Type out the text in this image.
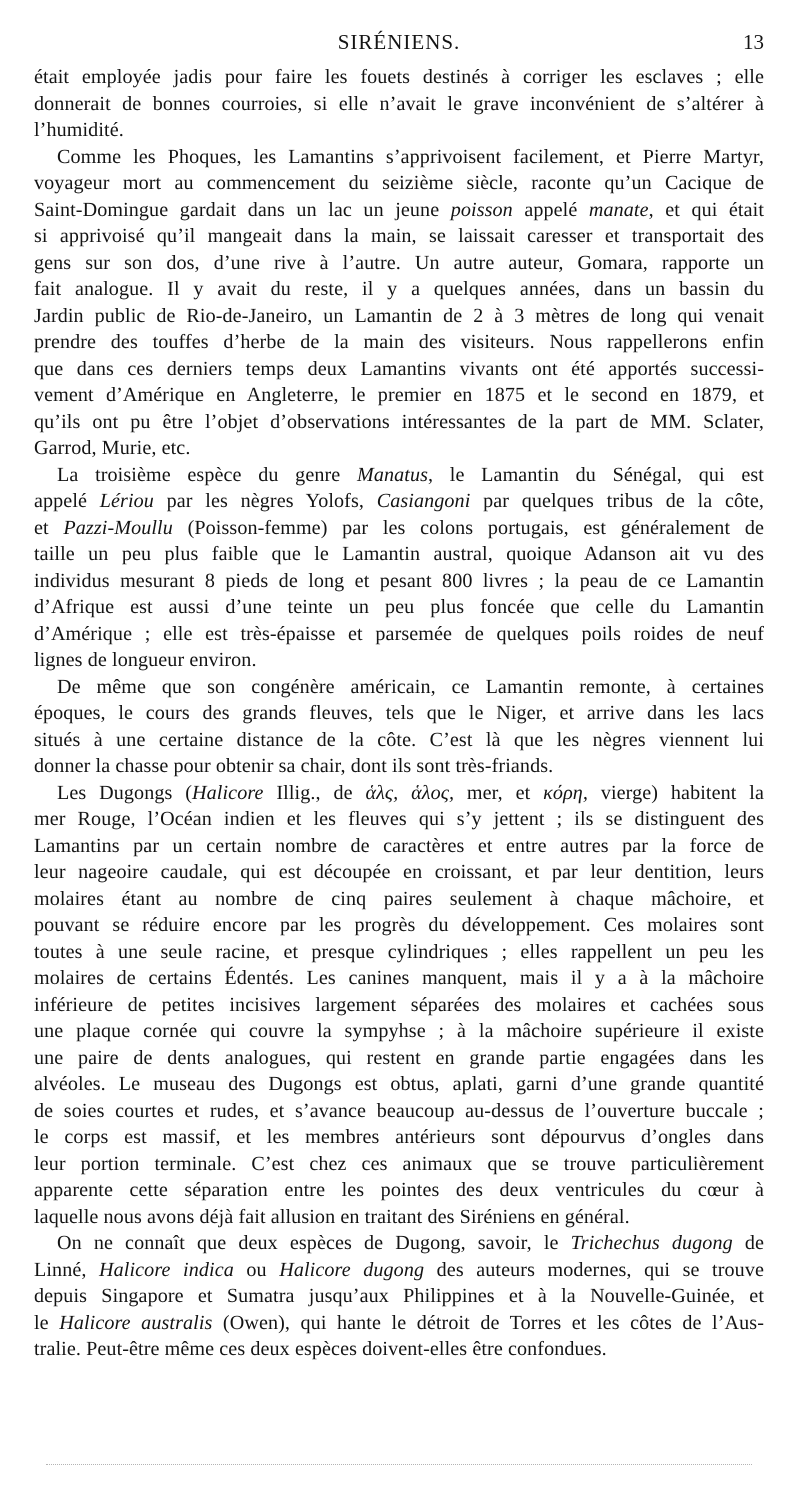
SIRÉNIENS.	13
était employée jadis pour faire les fouets destinés à corriger les esclaves ; elle
donnerait de bonnes courroies, si elle n’avait le grave inconvénient de s’altérer à
l’humidité.
Comme les Phoques, les Lamantins s’apprivoisent facilement, et Pierre Martyr,
voyageur mort au commencement du seizième siècle, raconte qu’un Cacique de
Saint-Domingue gardait dans un lac un jeune poisson appelé manate, et qui était
si apprivoisé qu’il mangeait dans la main, se laissait caresser et transportait des
gens sur son dos, d’une rive à l’autre. Un autre auteur, Gomara, rapporte un
fait analogue. Il y avait du reste, il y a quelques années, dans un bassin du
Jardin public de Rio-de-Janeiro, un Lamantin de 2 à 3 mètres de long qui venait
prendre des touffes d’herbe de la main des visiteurs. Nous rappellerons enfin
que dans ces derniers temps deux Lamantins vivants ont été apportés successi-
vement d’Amérique en Angleterre, le premier en 1875 et le second en 1879, et
qu’ils ont pu être l’objet d’observations intéressantes de la part de MM. Sclater,
Garrod, Murie, etc.
La troisième espèce du genre Manatus, le Lamantin du Sénégal, qui est
appelé Lériou par les nègres Yolofs, Casiangoni par quelques tribus de la côte,
et Pazzi-Moullu (Poisson-femme) par les colons portugais, est généralement de
taille un peu plus faible que le Lamantin austral, quoique Adanson ait vu des
individus mesurant 8 pieds de long et pesant 800 livres ; la peau de ce Lamantin
d’Afrique est aussi d’une teinte un peu plus foncée que celle du Lamantin
d’Amérique ; elle est très-épaisse et parsemée de quelques poils roides de neuf
lignes de longueur environ.
De même que son congénère américain, ce Lamantin remonte, à certaines
époques, le cours des grands fleuves, tels que le Niger, et arrive dans les lacs
situés à une certaine distance de la côte. C’est là que les nègres viennent lui
donner la chasse pour obtenir sa chair, dont ils sont très-friands.
Les Dugongs (Halicore Illig., de ἁλς, ἁλος, mer, et κόρη, vierge) habitent la
mer Rouge, l’Océan indien et les fleuves qui s’y jettent ; ils se distinguent des
Lamantins par un certain nombre de caractères et entre autres par la force de
leur nageoire caudale, qui est découpée en croissant, et par leur dentition, leurs
molaires étant au nombre de cinq paires seulement à chaque mâchoire, et
pouvant se réduire encore par les progrès du développement. Ces molaires sont
toutes à une seule racine, et presque cylindriques ; elles rappellent un peu les
molaires de certains Édentés. Les canines manquent, mais il y a à la mâchoire
inférieure de petites incisives largement séparées des molaires et cachées sous
une plaque cornée qui couvre la sympyhse ; à la mâchoire supérieure il existe
une paire de dents analogues, qui restent en grande partie engagées dans les
alvéoles. Le museau des Dugongs est obtus, aplati, garni d’une grande quantité
de soies courtes et rudes, et s’avance beaucoup au-dessus de l’ouverture buccale ;
le corps est massif, et les membres antérieurs sont dépourvus d’ongles dans
leur portion terminale. C’est chez ces animaux que se trouve particulièrement
apparente cette séparation entre les pointes des deux ventricules du cœur à
laquelle nous avons déjà fait allusion en traitant des Siréniens en général.
On ne connaît que deux espèces de Dugong, savoir, le Trichechus dugong de
Linné, Halicore indica ou Halicore dugong des auteurs modernes, qui se trouve
depuis Singapore et Sumatra jusqu’aux Philippines et à la Nouvelle-Guinée, et
le Halicore australis (Owen), qui hante le détroit de Torres et les côtes de l’Aus-
tralie. Peut-être même ces deux espèces doivent-elles être confondues.
